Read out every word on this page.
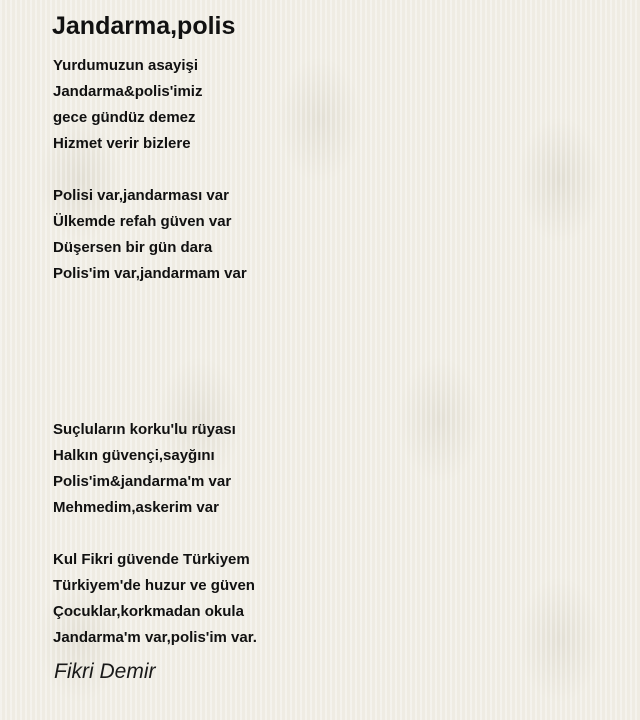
Jandarma,polis
Yurdumuzun asayişi
Jandarma&polis'imiz
gece gündüz demez
Hizmet verir bizlere
Polisi var,jandarması var
Ülkemde refah güven var
Düşersen bir gün dara
Polis'im var,jandarmam var
Suçluların korku'lu rüyası
Halkın güvençi,sayğını
Polis'im&jandarma'm var
Mehmedim,askerim var
Kul Fikri güvende Türkiyem
Türkiyem'de huzur ve güven
Çocuklar,korkmadan okula
Jandarma'm var,polis'im var.
Fikri Demir
